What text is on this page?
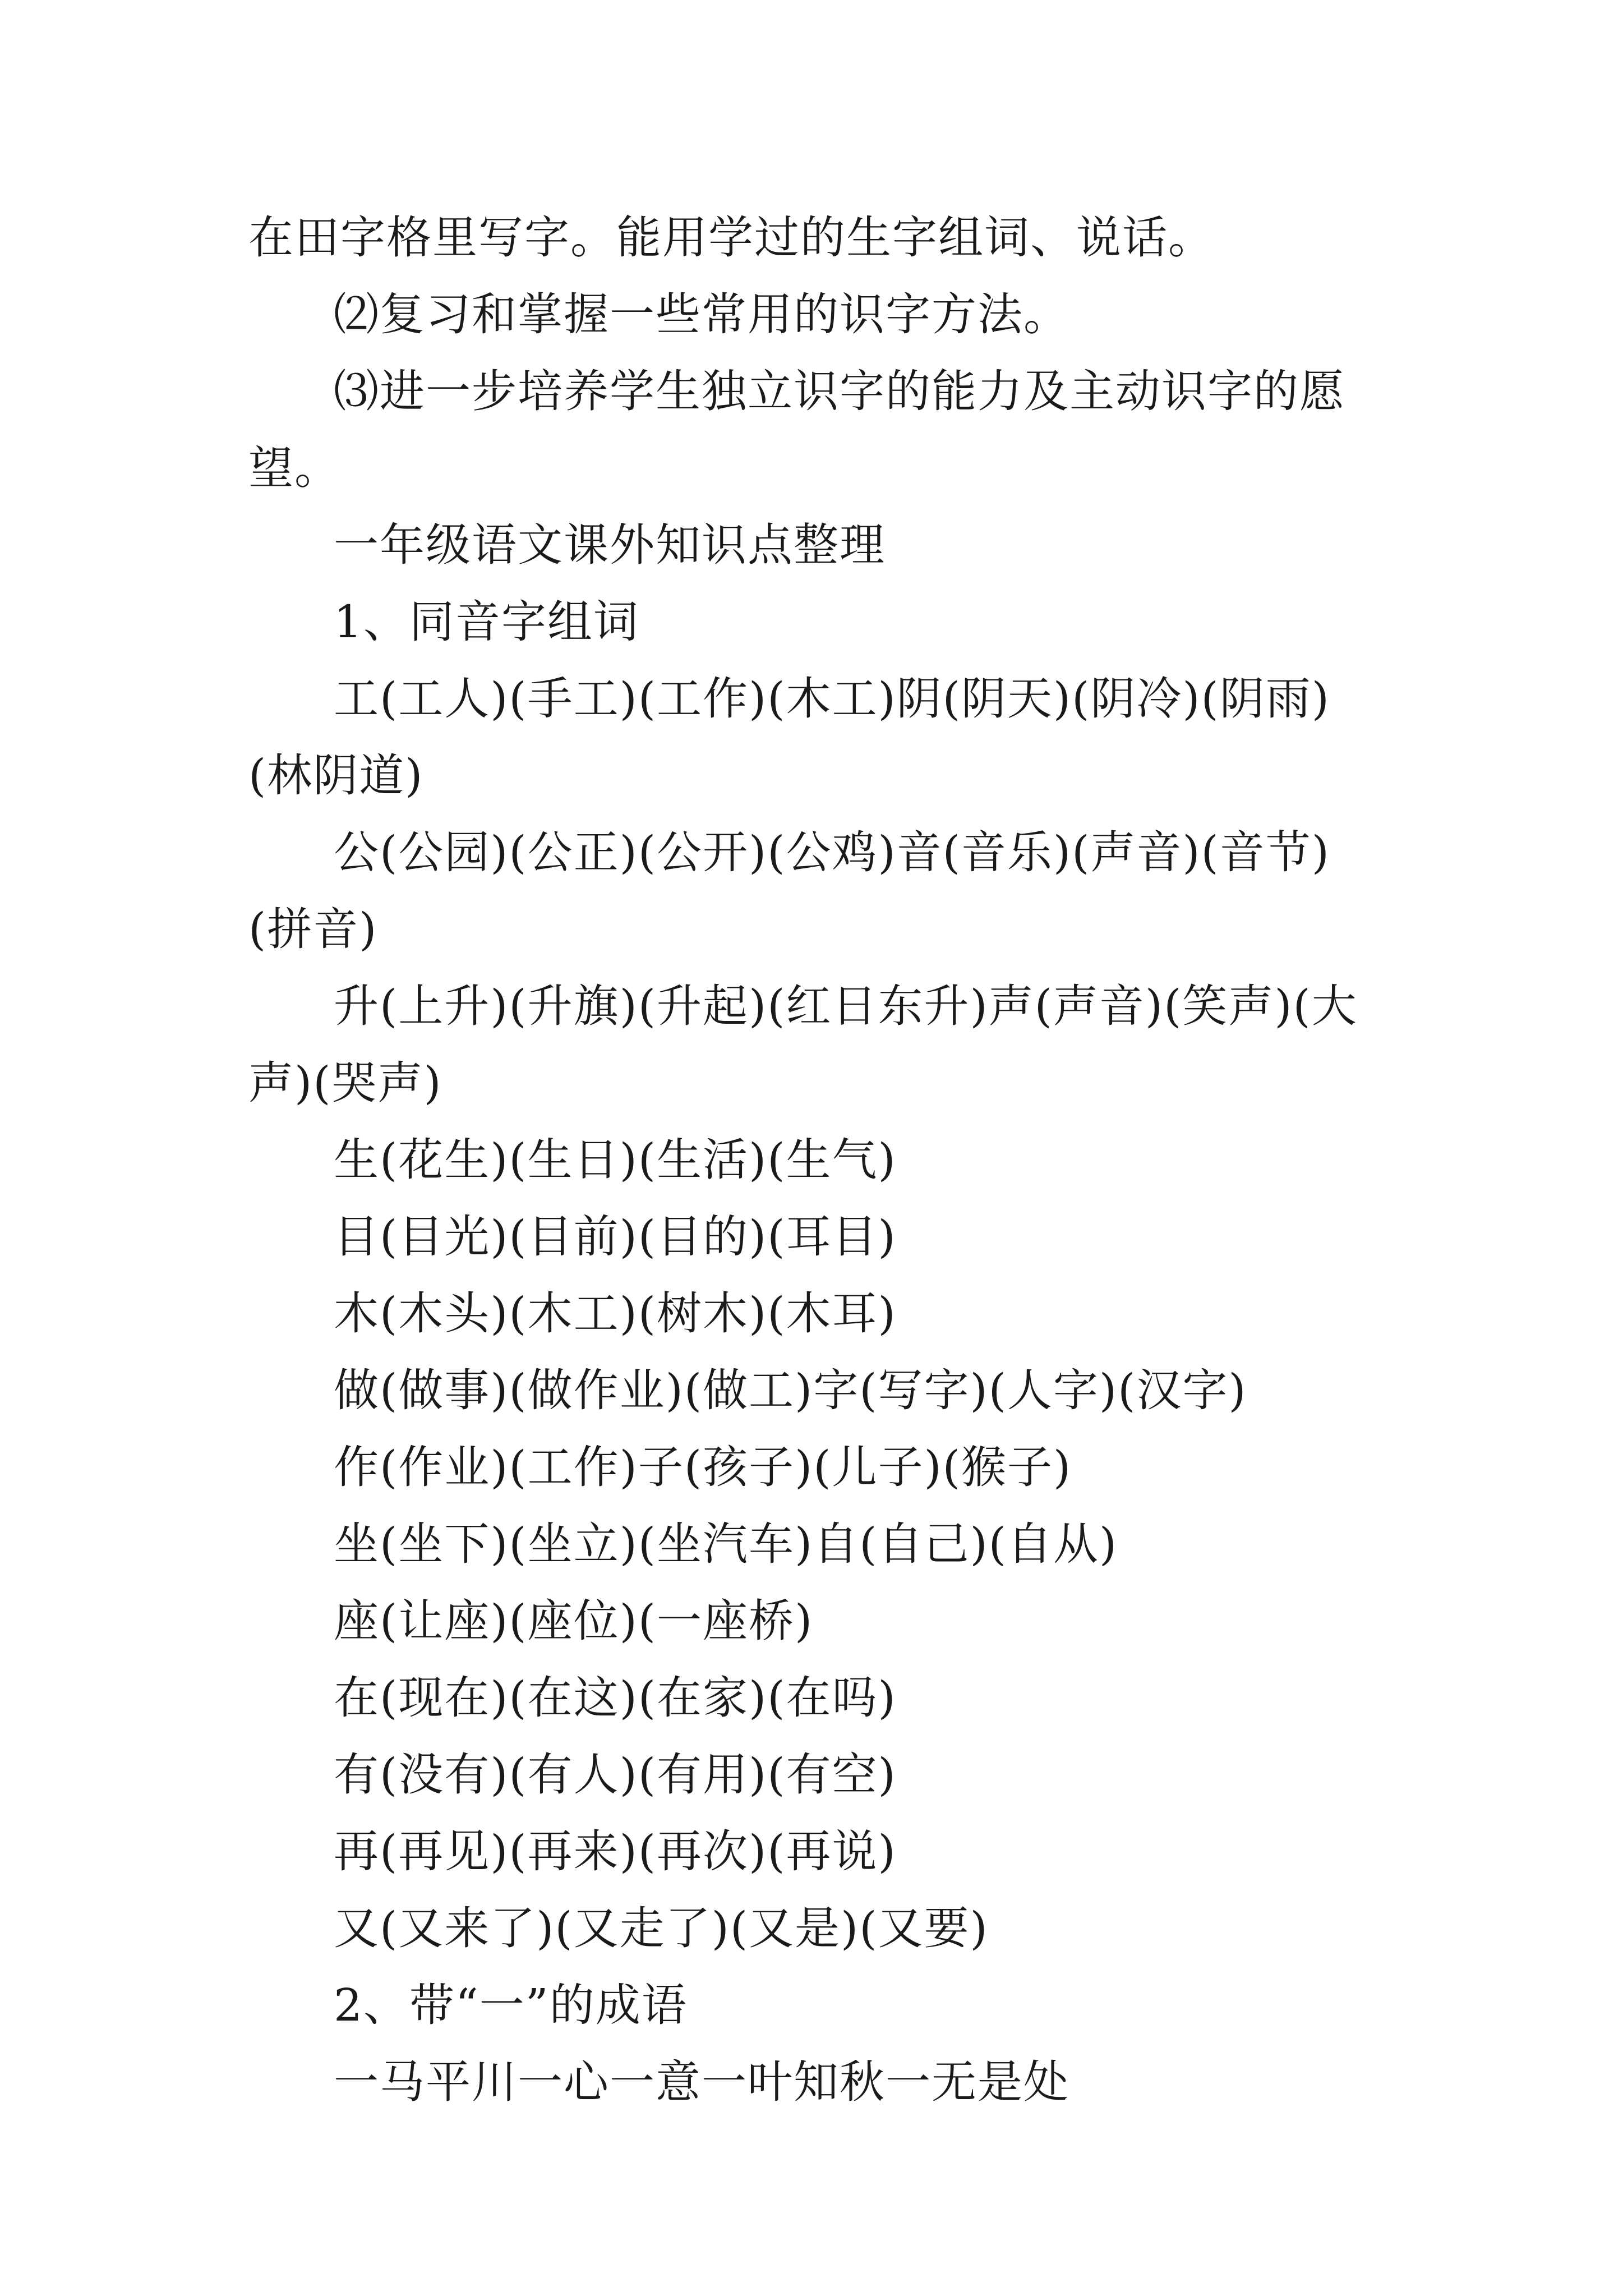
在田字格里写字。能用学过的生字组词、说话。

⑵复习和掌握一些常用的识字方法。

⑶进一步培养学生独立识字的能力及主动识字的愿望。

一年级语文课外知识点整理

1、同音字组词

工(工人)(手工)(工作)(木工)阴(阴天)(阴冷)(阴雨)(林阴道)

公(公园)(公正)(公开)(公鸡)音(音乐)(声音)(音节)(拼音)

升(上升)(升旗)(升起)(红日东升)声(声音)(笑声)(大声)(哭声)

生(花生)(生日)(生活)(生气)

目(目光)(目前)(目的)(耳目)

木(木头)(木工)(树木)(木耳)

做(做事)(做作业)(做工)字(写字)(人字)(汉字)

作(作业)(工作)子(孩子)(儿子)(猴子)

坐(坐下)(坐立)(坐汽车)自(自己)(自从)

座(让座)(座位)(一座桥)

在(现在)(在这)(在家)(在吗)

有(没有)(有人)(有用)(有空)

再(再见)(再来)(再次)(再说)

又(又来了)(又走了)(又是)(又要)

2、带“一”的成语

一马平川一心一意一叶知秋一无是处
